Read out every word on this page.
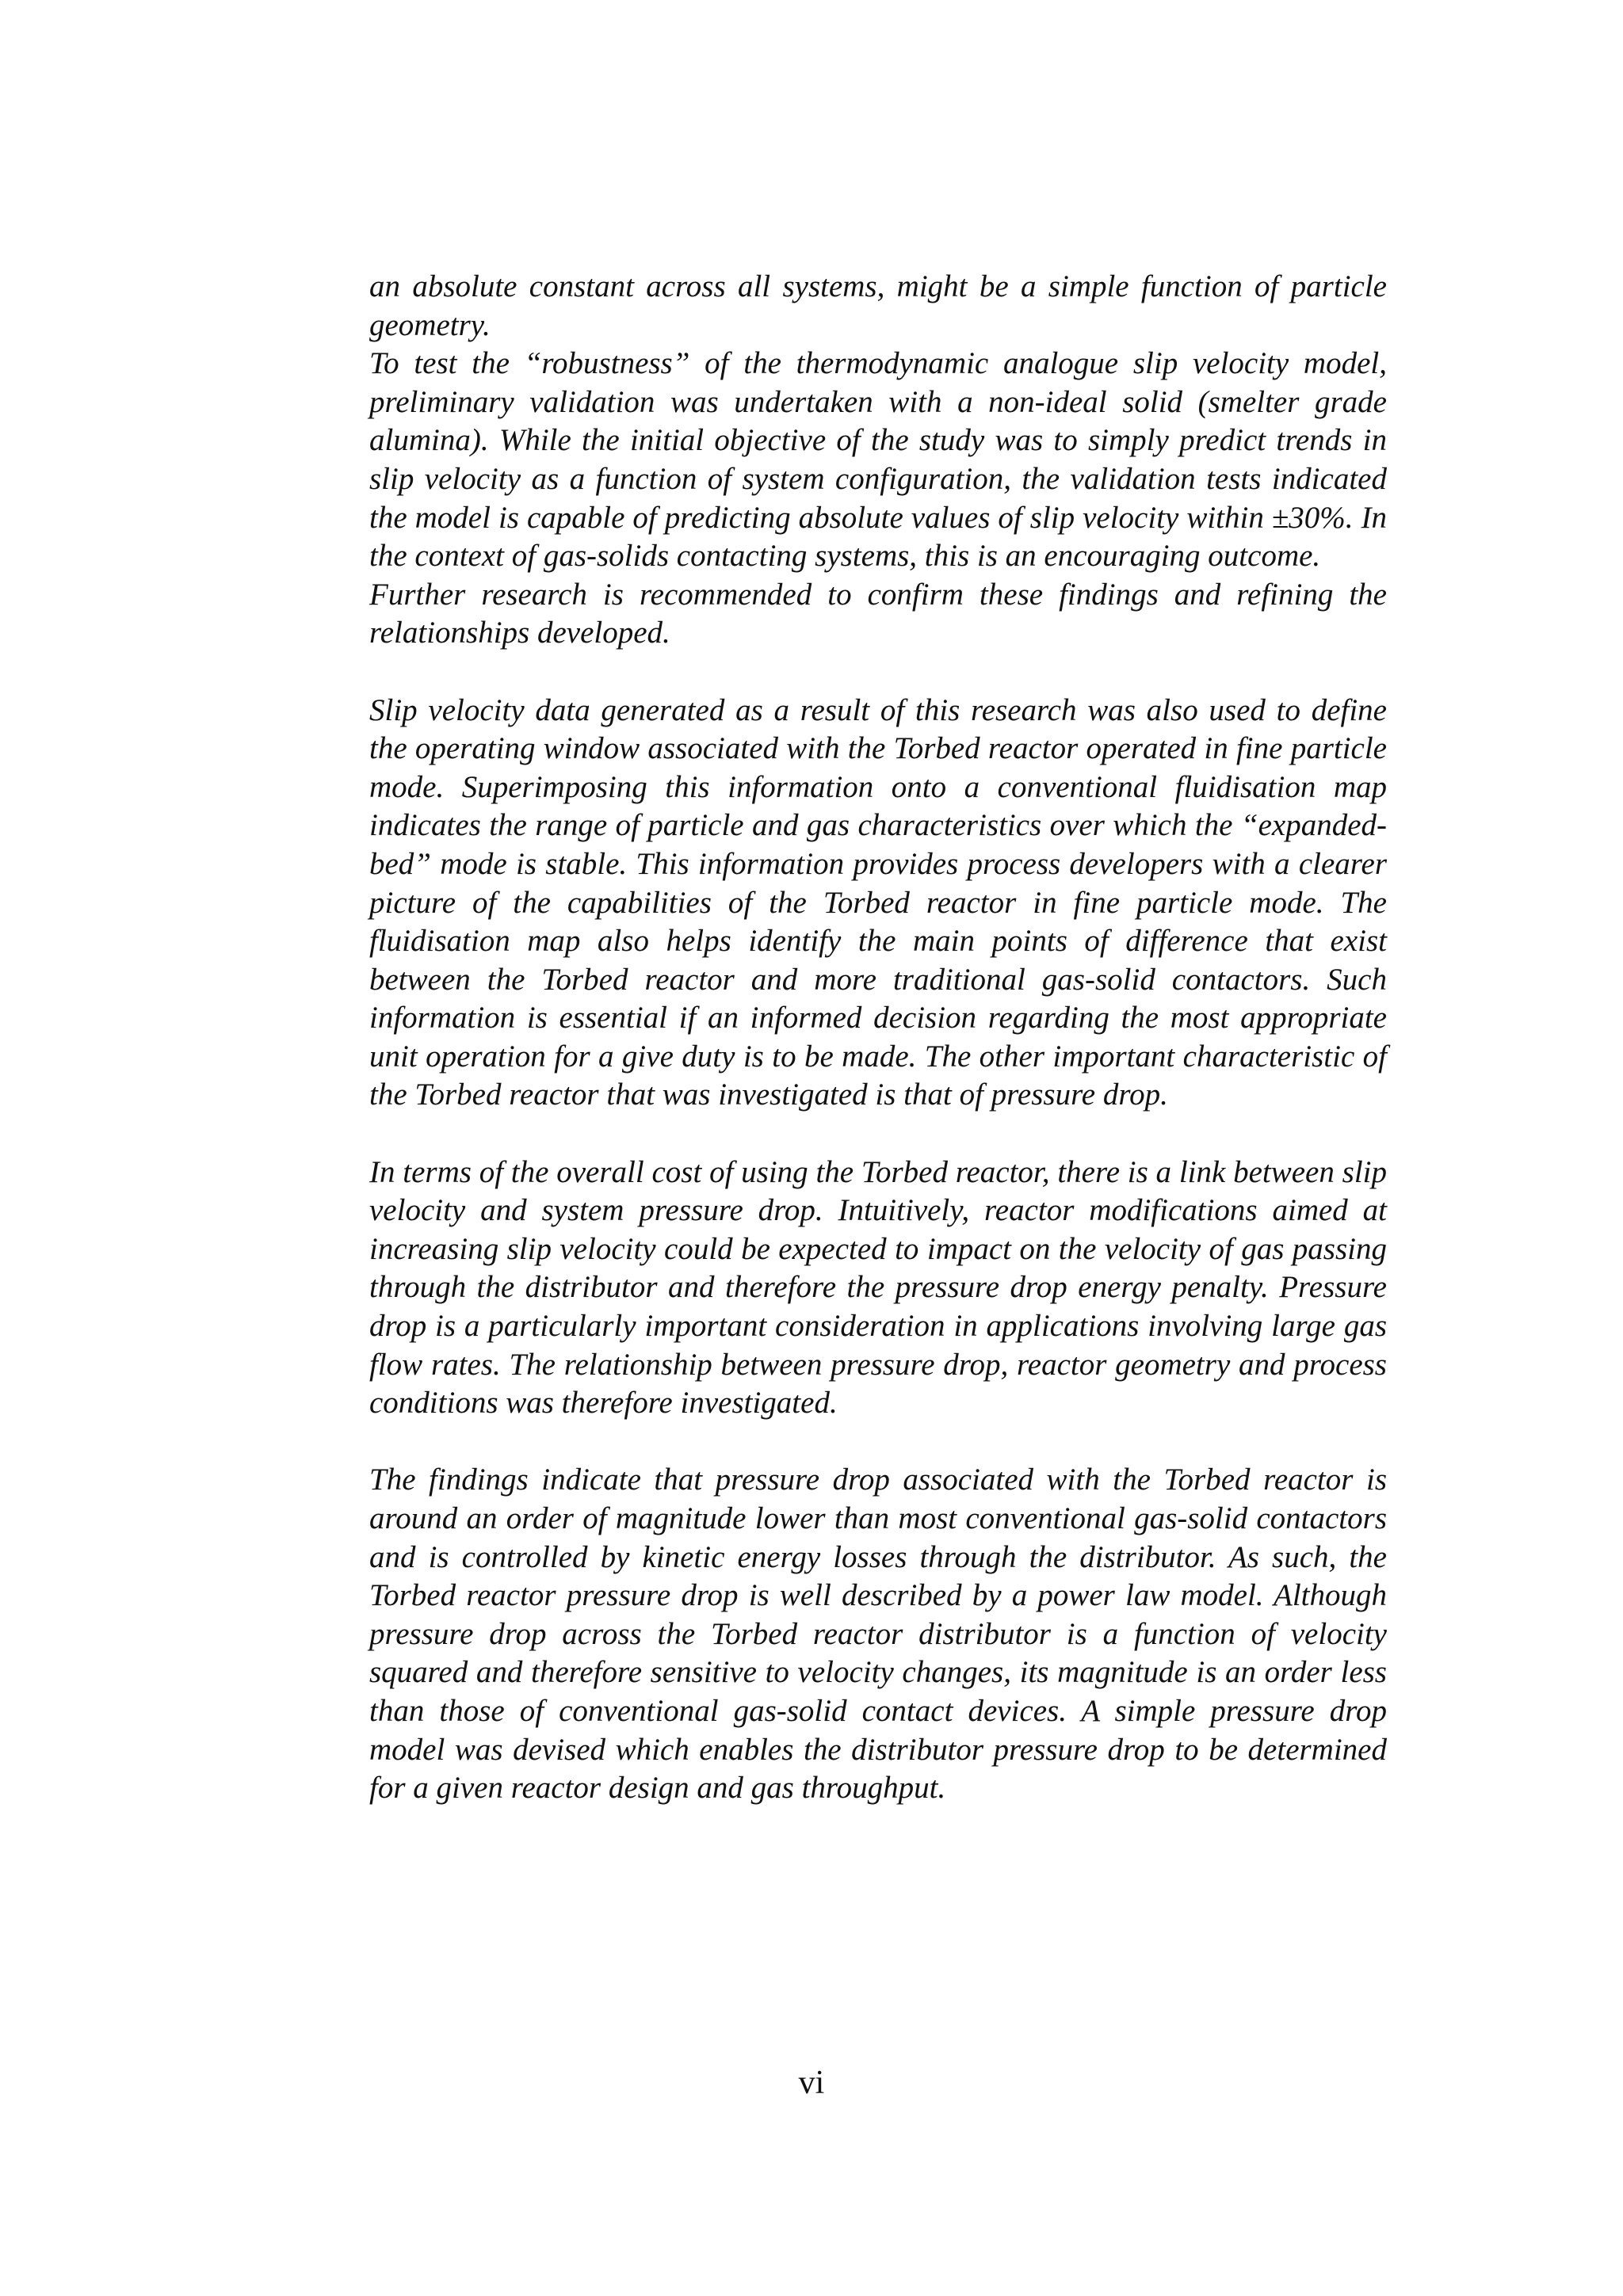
an absolute constant across all systems, might be a simple function of particle geometry.

To test the “robustness” of the thermodynamic analogue slip velocity model, preliminary validation was undertaken with a non-ideal solid (smelter grade alumina). While the initial objective of the study was to simply predict trends in slip velocity as a function of system configuration, the validation tests indicated the model is capable of predicting absolute values of slip velocity within ±30%. In the context of gas-solids contacting systems, this is an encouraging outcome.

Further research is recommended to confirm these findings and refining the relationships developed.

Slip velocity data generated as a result of this research was also used to define the operating window associated with the Torbed reactor operated in fine particle mode. Superimposing this information onto a conventional fluidisation map indicates the range of particle and gas characteristics over which the “expanded-bed” mode is stable. This information provides process developers with a clearer picture of the capabilities of the Torbed reactor in fine particle mode. The fluidisation map also helps identify the main points of difference that exist between the Torbed reactor and more traditional gas-solid contactors. Such information is essential if an informed decision regarding the most appropriate unit operation for a give duty is to be made. The other important characteristic of the Torbed reactor that was investigated is that of pressure drop.

In terms of the overall cost of using the Torbed reactor, there is a link between slip velocity and system pressure drop. Intuitively, reactor modifications aimed at increasing slip velocity could be expected to impact on the velocity of gas passing through the distributor and therefore the pressure drop energy penalty. Pressure drop is a particularly important consideration in applications involving large gas flow rates. The relationship between pressure drop, reactor geometry and process conditions was therefore investigated.

The findings indicate that pressure drop associated with the Torbed reactor is around an order of magnitude lower than most conventional gas-solid contactors and is controlled by kinetic energy losses through the distributor. As such, the Torbed reactor pressure drop is well described by a power law model. Although pressure drop across the Torbed reactor distributor is a function of velocity squared and therefore sensitive to velocity changes, its magnitude is an order less than those of conventional gas-solid contact devices. A simple pressure drop model was devised which enables the distributor pressure drop to be determined for a given reactor design and gas throughput.

vi
